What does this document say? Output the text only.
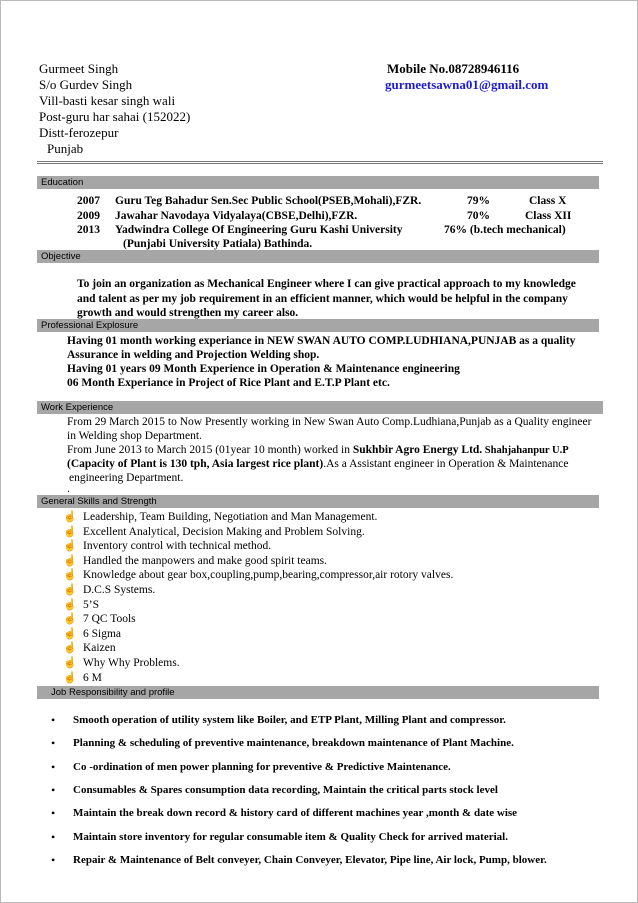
Gurmeet Singh
S/o Gurdev Singh
Vill-basti kesar singh wali
Post-guru har sahai (152022)
Distt-ferozepur
Punjab
Mobile No.08728946116
gurmeetsawna01@gmail.com
Education
2007 Guru Teg Bahadur Sen.Sec Public School(PSEB,Mohali),FZR.	79%	Class X
2009 Jawahar Navodaya Vidyalaya(CBSE,Delhi),FZR.	70%	Class XII
2013 Yadwindra College Of Engineering Guru Kashi University	76% (b.tech mechanical)
(Punjabi University Patiala) Bathinda.
Objective
To join an organization as Mechanical Engineer where I can give practical approach to my knowledge
and talent as per my job requirement in an efficient manner, which would be helpful in the company
growth and would strengthen my career also.
Professional Explosure
Having 01 month working experiance in NEW SWAN AUTO COMP.LUDHIANA,PUNJAB as a quality
Assurance in welding and Projection Welding shop.
Having 01 years 09 Month Experience in Operation & Maintenance engineering
06 Month Experiance in Project of Rice Plant and E.T.P Plant etc.
Work Experience
From 29 March 2015 to Now Presently working in New Swan Auto Comp.Ludhiana,Punjab as a Quality engineer
in Welding shop Department.
From June 2013 to March 2015 (01year 10 month) worked in Sukhbir Agro Energy Ltd. Shahjahanpur U.P
(Capacity of Plant is 130 tph, Asia largest rice plant).As a Assistant engineer in Operation & Maintenance
engineering Department.
.
General Skills and Strength
☝ Leadership, Team Building, Negotiation and Man Management.
☝ Excellent Analytical, Decision Making and Problem Solving.
☝ Inventory control with technical method.
☝ Handled the manpowers and make good spirit teams.
☝ Knowledge about gear box,coupling,pump,bearing,compressor,air rotory valves.
☝ D.C.S Systems.
☝ 5’S
☝ 7 QC Tools
☝ 6 Sigma
☝ Kaizen
☝ Why Why Problems.
☝ 6 M
Job Responsibility and profile
• Smooth operation of utility system like Boiler, and ETP Plant, Milling Plant and compressor.
• Planning & scheduling of preventive maintenance, breakdown maintenance of Plant Machine.
• Co -ordination of men power planning for preventive & Predictive Maintenance.
• Consumables & Spares consumption data recording, Maintain the critical parts stock level
• Maintain the break down record & history card of different machines year ,month & date wise
• Maintain store inventory for regular consumable item & Quality Check for arrived material.
• Repair & Maintenance of Belt conveyer, Chain Conveyer, Elevator, Pipe line, Air lock, Pump, blower.
